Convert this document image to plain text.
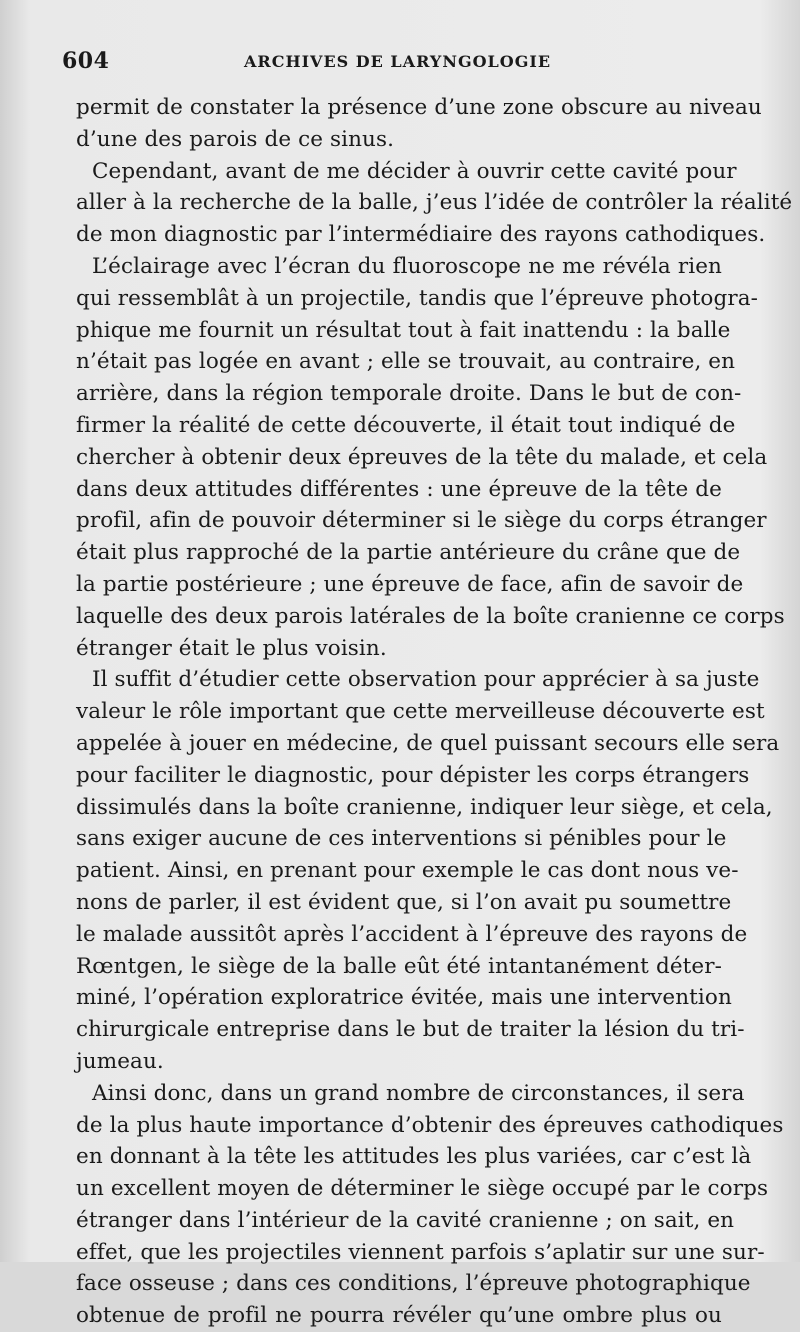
604	ARCHIVES DE LARYNGOLOGIE
permit de constater la présence d’une zone obscure au niveau
d’une des parois de ce sinus.
Cependant, avant de me décider à ouvrir cette cavité pour
aller à la recherche de la balle, j’eus l’idée de contrôler la réalité
de mon diagnostic par l’intermédiaire des rayons cathodiques.
L’éclairage avec l’écran du fluoroscope ne me révéla rien
qui ressemblât à un projectile, tandis que l’épreuve photogra-
phique me fournit un résultat tout à fait inattendu : la balle
n’était pas logée en avant ; elle se trouvait, au contraire, en
arrière, dans la région temporale droite. Dans le but de con-
firmer la réalité de cette découverte, il était tout indiqué de
chercher à obtenir deux épreuves de la tête du malade, et cela
dans deux attitudes différentes : une épreuve de la tête de
profil, afin de pouvoir déterminer si le siège du corps étranger
était plus rapproché de la partie antérieure du crâne que de
la partie postérieure ; une épreuve de face, afin de savoir de
laquelle des deux parois latérales de la boîte cranienne ce corps
étranger était le plus voisin.
Il suffit d’étudier cette observation pour apprécier à sa juste
valeur le rôle important que cette merveilleuse découverte est
appelée à jouer en médecine, de quel puissant secours elle sera
pour faciliter le diagnostic, pour dépister les corps étrangers
dissimulés dans la boîte cranienne, indiquer leur siège, et cela,
sans exiger aucune de ces interventions si pénibles pour le
patient. Ainsi, en prenant pour exemple le cas dont nous ve-
nons de parler, il est évident que, si l’on avait pu soumettre
le malade aussitôt après l’accident à l’épreuve des rayons de
Rœntgen, le siège de la balle eût été intantanément déter-
miné, l’opération exploratrice évitée, mais une intervention
chirurgicale entreprise dans le but de traiter la lésion du tri-
jumeau.
Ainsi donc, dans un grand nombre de circonstances, il sera
de la plus haute importance d’obtenir des épreuves cathodiques
en donnant à la tête les attitudes les plus variées, car c’est là
un excellent moyen de déterminer le siège occupé par le corps
étranger dans l’intérieur de la cavité cranienne ; on sait, en
effet, que les projectiles viennent parfois s’aplatir sur une sur-
face osseuse ; dans ces conditions, l’épreuve photographique
obtenue de profil ne pourra révéler qu’une ombre plus ou
